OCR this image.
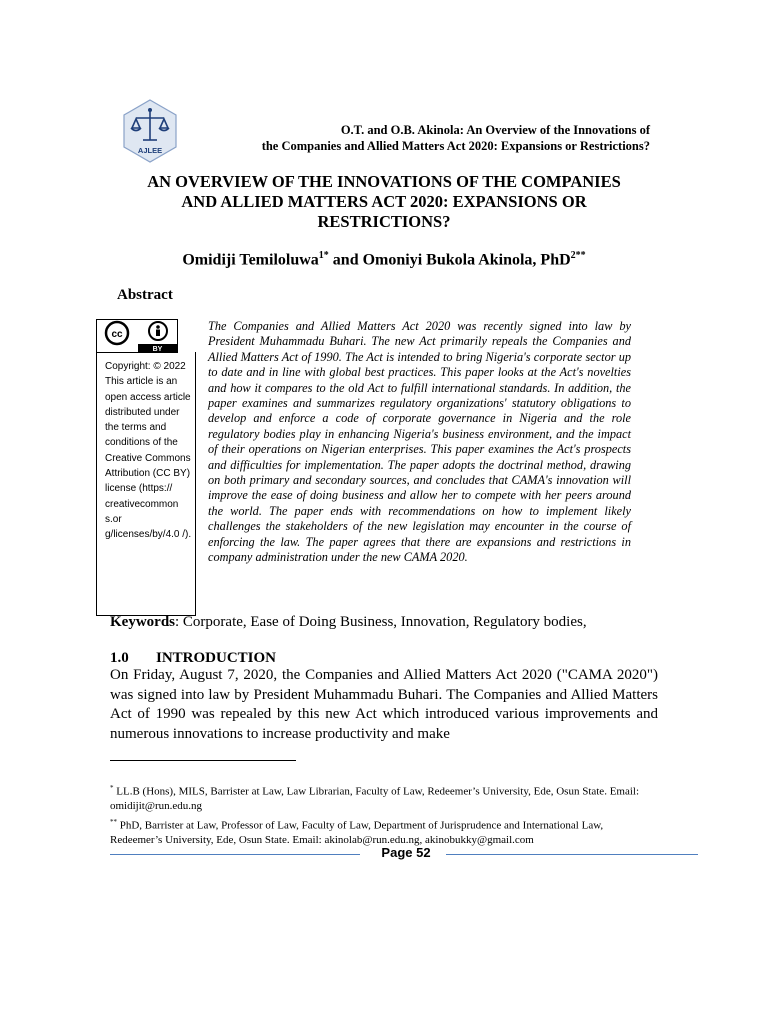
AJLEE
O.T. and O.B. Akinola: An Overview of the Innovations of
the Companies and Allied Matters Act 2020: Expansions or Restrictions?
AN OVERVIEW OF THE INNOVATIONS OF THE COMPANIES
AND ALLIED MATTERS ACT 2020: EXPANSIONS OR
RESTRICTIONS?
Omidiji Temiloluwa$^{1*}$ and Omoniyi Bukola Akinola, PhD$^{2**}$
Abstract
cc
BY
Copyright: © 2022 This article is an open access article distributed under the terms and conditions of the Creative Commons Attribution (CC BY) license (https:// creativecommon s.or g/licenses/by/4.0 /).
The Companies and Allied Matters Act 2020 was recently signed into law by President Muhammadu Buhari. The new Act primarily repeals the Companies and Allied Matters Act of 1990. The Act is intended to bring Nigeria's corporate sector up to date and in line with global best practices. This paper looks at the Act's novelties and how it compares to the old Act to fulfill international standards. In addition, the paper examines and summarizes regulatory organizations' statutory obligations to develop and enforce a code of corporate governance in Nigeria and the role regulatory bodies play in enhancing Nigeria's business environment, and the impact of their operations on Nigerian enterprises. This paper examines the Act's prospects and difficulties for implementation. The paper adopts the doctrinal method, drawing on both primary and secondary sources, and concludes that CAMA's innovation will improve the ease of doing business and allow her to compete with her peers around the world. The paper ends with recommendations on how to implement likely challenges the stakeholders of the new legislation may encounter in the course of enforcing the law. The paper agrees that there are expansions and restrictions in company administration under the new CAMA 2020.
Keywords: Corporate, Ease of Doing Business, Innovation, Regulatory bodies,
1.0 INTRODUCTION
On Friday, August 7, 2020, the Companies and Allied Matters Act 2020 ("CAMA 2020") was signed into law by President Muhammadu Buhari. The Companies and Allied Matters Act of 1990 was repealed by this new Act which introduced various improvements and numerous innovations to increase productivity and make
* LL.B (Hons), MILS, Barrister at Law, Law Librarian, Faculty of Law, Redeemer’s University, Ede, Osun State. Email: omidijit@run.edu.ng
** PhD, Barrister at Law, Professor of Law, Faculty of Law, Department of Jurisprudence and International Law, Redeemer’s University, Ede, Osun State. Email: akinolab@run.edu.ng, akinobukky@gmail.com
Page 52
